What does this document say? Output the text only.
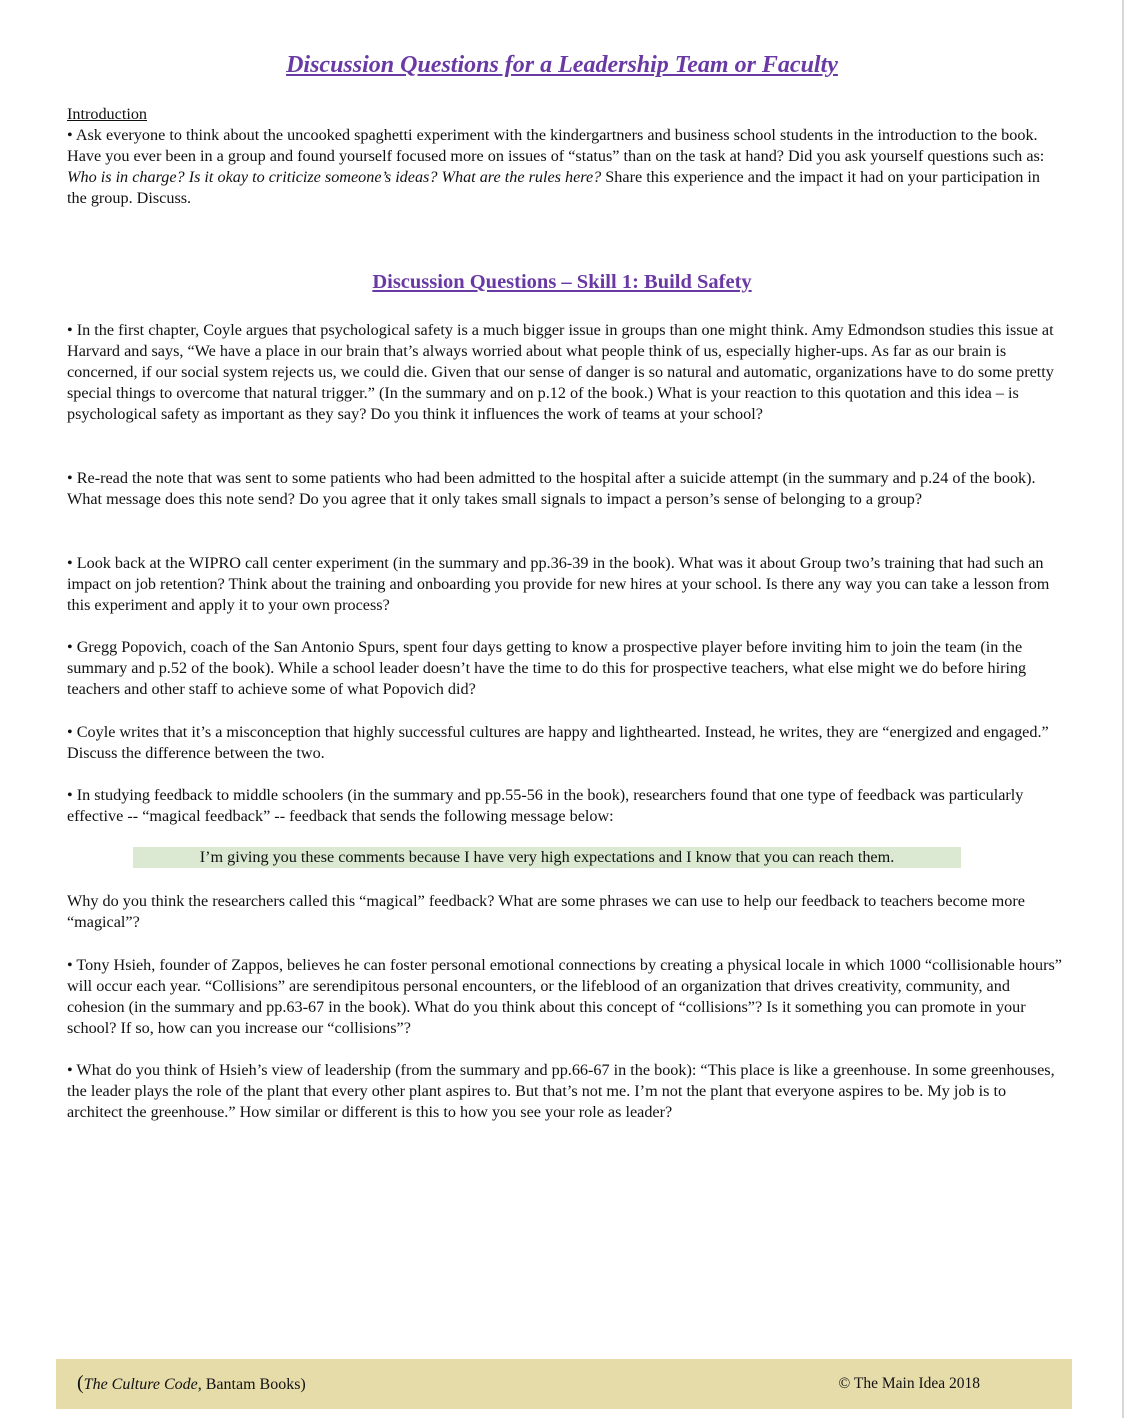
Discussion Questions for a Leadership Team or Faculty
Introduction
• Ask everyone to think about the uncooked spaghetti experiment with the kindergartners and business school students in the introduction to the book. Have you ever been in a group and found yourself focused more on issues of “status” than on the task at hand? Did you ask yourself questions such as: Who is in charge? Is it okay to criticize someone’s ideas? What are the rules here? Share this experience and the impact it had on your participation in the group. Discuss.
Discussion Questions – Skill 1: Build Safety

• In the first chapter, Coyle argues that psychological safety is a much bigger issue in groups than one might think. Amy Edmondson studies this issue at Harvard and says, “We have a place in our brain that’s always worried about what people think of us, especially higher-ups. As far as our brain is concerned, if our social system rejects us, we could die. Given that our sense of danger is so natural and automatic, organizations have to do some pretty special things to overcome that natural trigger.” (In the summary and on p.12 of the book.) What is your reaction to this quotation and this idea – is psychological safety as important as they say? Do you think it influences the work of teams at your school?

• Re-read the note that was sent to some patients who had been admitted to the hospital after a suicide attempt (in the summary and p.24 of the book). What message does this note send? Do you agree that it only takes small signals to impact a person’s sense of belonging to a group?

• Look back at the WIPRO call center experiment (in the summary and pp.36-39 in the book). What was it about Group two’s training that had such an impact on job retention? Think about the training and onboarding you provide for new hires at your school. Is there any way you can take a lesson from this experiment and apply it to your own process?

• Gregg Popovich, coach of the San Antonio Spurs, spent four days getting to know a prospective player before inviting him to join the team (in the summary and p.52 of the book). While a school leader doesn’t have the time to do this for prospective teachers, what else might we do before hiring teachers and other staff to achieve some of what Popovich did?

• Coyle writes that it’s a misconception that highly successful cultures are happy and lighthearted. Instead, he writes, they are “energized and engaged.” Discuss the difference between the two.

• In studying feedback to middle schoolers (in the summary and pp.55-56 in the book), researchers found that one type of feedback was particularly effective -- “magical feedback” -- feedback that sends the following message below:

I’m giving you these comments because I have very high expectations and I know that you can reach them.

Why do you think the researchers called this “magical” feedback? What are some phrases we can use to help our feedback to teachers become more “magical”?

• Tony Hsieh, founder of Zappos, believes he can foster personal emotional connections by creating a physical locale in which 1000 “collisionable hours” will occur each year. “Collisions” are serendipitous personal encounters, or the lifeblood of an organization that drives creativity, community, and cohesion (in the summary and pp.63-67 in the book). What do you think about this concept of “collisions”? Is it something you can promote in your school? If so, how can you increase our “collisions”?

• What do you think of Hsieh’s view of leadership (from the summary and pp.66-67 in the book): “This place is like a greenhouse. In some greenhouses, the leader plays the role of the plant that every other plant aspires to. But that’s not me. I’m not the plant that everyone aspires to be. My job is to architect the greenhouse.” How similar or different is this to how you see your role as leader?

(The Culture Code, Bantam Books)	© The Main Idea 2018
